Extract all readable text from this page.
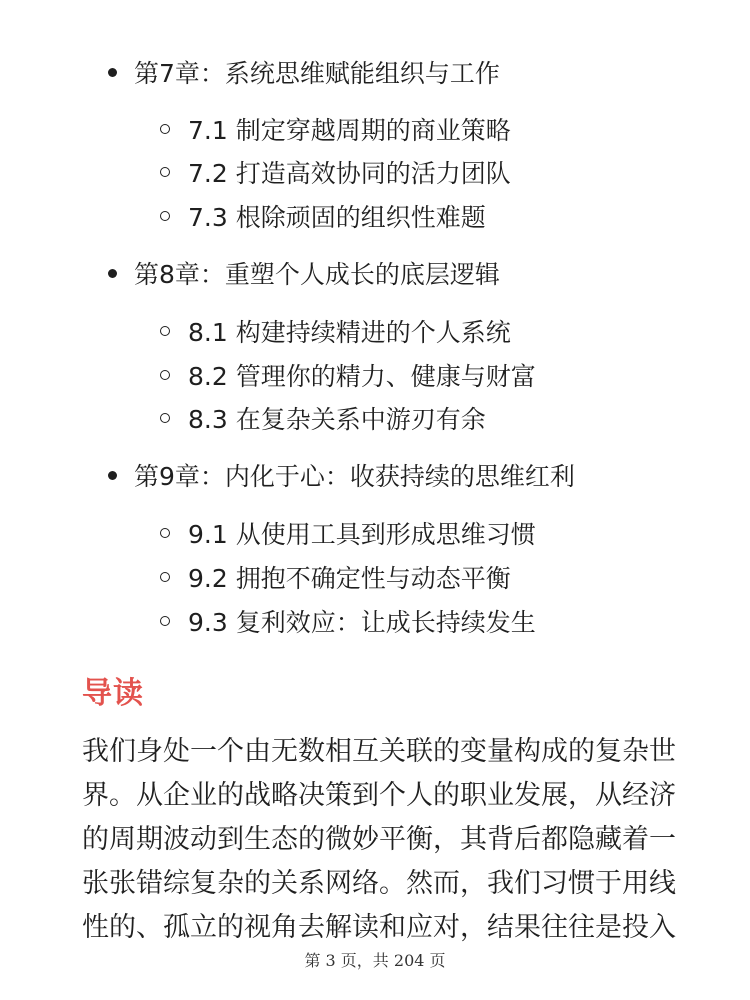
第7章：系统思维赋能组织与工作
7.1 制定穿越周期的商业策略
7.2 打造高效协同的活力团队
7.3 根除顽固的组织性难题
第8章：重塑个人成长的底层逻辑
8.1 构建持续精进的个人系统
8.2 管理你的精力、健康与财富
8.3 在复杂关系中游刃有余
第9章：内化于心：收获持续的思维红利
9.1 从使用工具到形成思维习惯
9.2 拥抱不确定性与动态平衡
9.3 复利效应：让成长持续发生
导读

我们身处一个由无数相互关联的变量构成的复杂世
界。从企业的战略决策到个人的职业发展，从经济
的周期波动到生态的微妙平衡，其背后都隐藏着一
张张错综复杂的关系网络。然而，我们习惯于用线
性的、孤立的视角去解读和应对，结果往往是投入

第 3 页，共 204 页
